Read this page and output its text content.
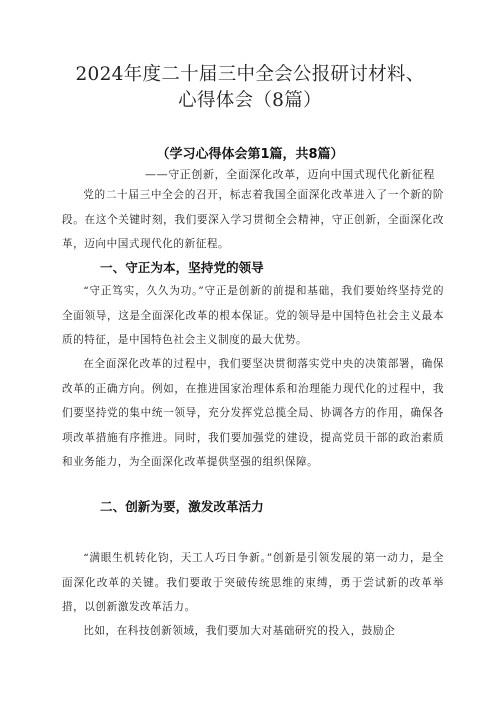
2024年度二十届三中全会公报研讨材料、
心得体会（8篇）
（学习心得体会第1篇，共8篇）
——守正创新，全面深化改革，迈向中国式现代化新征程
党的二十届三中全会的召开，标志着我国全面深化改革进入了一个新的阶段。在这个关键时刻，我们要深入学习贯彻全会精神，守正创新，全面深化改革，迈向中国式现代化的新征程。
一、守正为本，坚持党的领导
“守正笃实，久久为功。”守正是创新的前提和基础，我们要始终坚持党的全面领导，这是全面深化改革的根本保证。党的领导是中国特色社会主义最本质的特征，是中国特色社会主义制度的最大优势。
在全面深化改革的过程中，我们要坚决贯彻落实党中央的决策部署，确保改革的正确方向。例如，在推进国家治理体系和治理能力现代化的过程中，我们要坚持党的集中统一领导，充分发挥党总揽全局、协调各方的作用，确保各项改革措施有序推进。同时，我们要加强党的建设，提高党员干部的政治素质和业务能力，为全面深化改革提供坚强的组织保障。
二、创新为要，激发改革活力
“满眼生机转化钧，天工人巧日争新。”创新是引领发展的第一动力，是全面深化改革的关键。我们要敢于突破传统思维的束缚，勇于尝试新的改革举措，以创新激发改革活力。
比如，在科技创新领域，我们要加大对基础研究的投入，鼓励企
